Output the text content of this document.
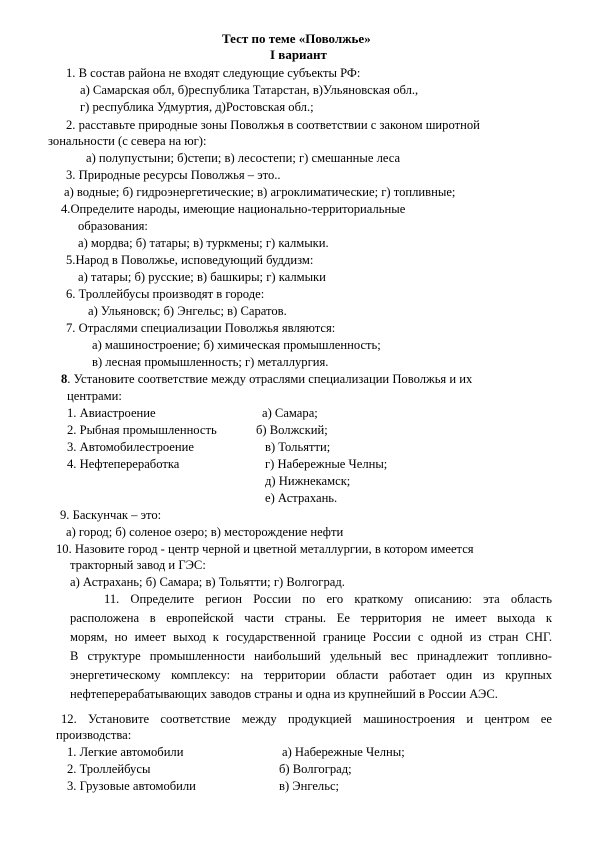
Тест по теме «Поволжье»
I вариант
1. В состав района не входят следующие субъекты РФ:
а) Самарская обл, б)республика Татарстан, в)Ульяновская обл.,
г) республика Удмуртия, д)Ростовская обл.;
2. расставьте природные зоны Поволжья в соответствии с законом широтной
зональности (с севера на юг):
а) полупустыни; б)степи; в) лесостепи; г) смешанные леса
3. Природные ресурсы Поволжья – это..
а) водные; б) гидроэнергетические; в) агроклиматические; г) топливные;
4.Определите народы, имеющие национально-территориальные
образования:
а) мордва; б) татары; в) туркмены; г) калмыки.
5.Народ в Поволжье, исповедующий буддизм:
а) татары; б) русские; в) башкиры; г) калмыки
6. Троллейбусы производят в городе:
а) Ульяновск; б) Энгельс; в) Саратов.
7. Отраслями специализации Поволжья являются:
а) машиностроение; б) химическая промышленность;
в) лесная промышленность; г) металлургия.
8. Установите соответствие между отраслями специализации Поволжья и их
центрами:
1. Авиастроение
2. Рыбная промышленность
3. Автомобилестроение
4. Нефтепереработка
а) Самара;
б) Волжский;
в) Тольятти;
г) Набережные Челны;
д) Нижнекамск;
е) Астрахань.
9. Баскунчак – это:
а) город; б) соленое озеро; в) месторождение нефти
10. Назовите город - центр черной и цветной металлургии, в котором имеется
тракторный завод и ГЭС:
а) Астрахань; б) Самара; в) Тольятти; г) Волгоград.
11. Определите регион России по его краткому описанию: эта область
расположена в европейской части страны. Ее территория не имеет выхода к
морям, но имеет выход к государственной границе России с одной из стран СНГ.
В структуре промышленности наибольший удельный вес принадлежит топливно-
энергетическому комплексу: на территории области работает один из крупных
нефтеперерабатывающих заводов страны и одна из крупнейший в России АЭС.
12. Установите соответствие между продукцией машиностроения и центром ее
производства:
1. Легкие автомобили
2. Троллейбусы
3. Грузовые автомобили
а) Набережные Челны;
б) Волгоград;
в) Энгельс;
